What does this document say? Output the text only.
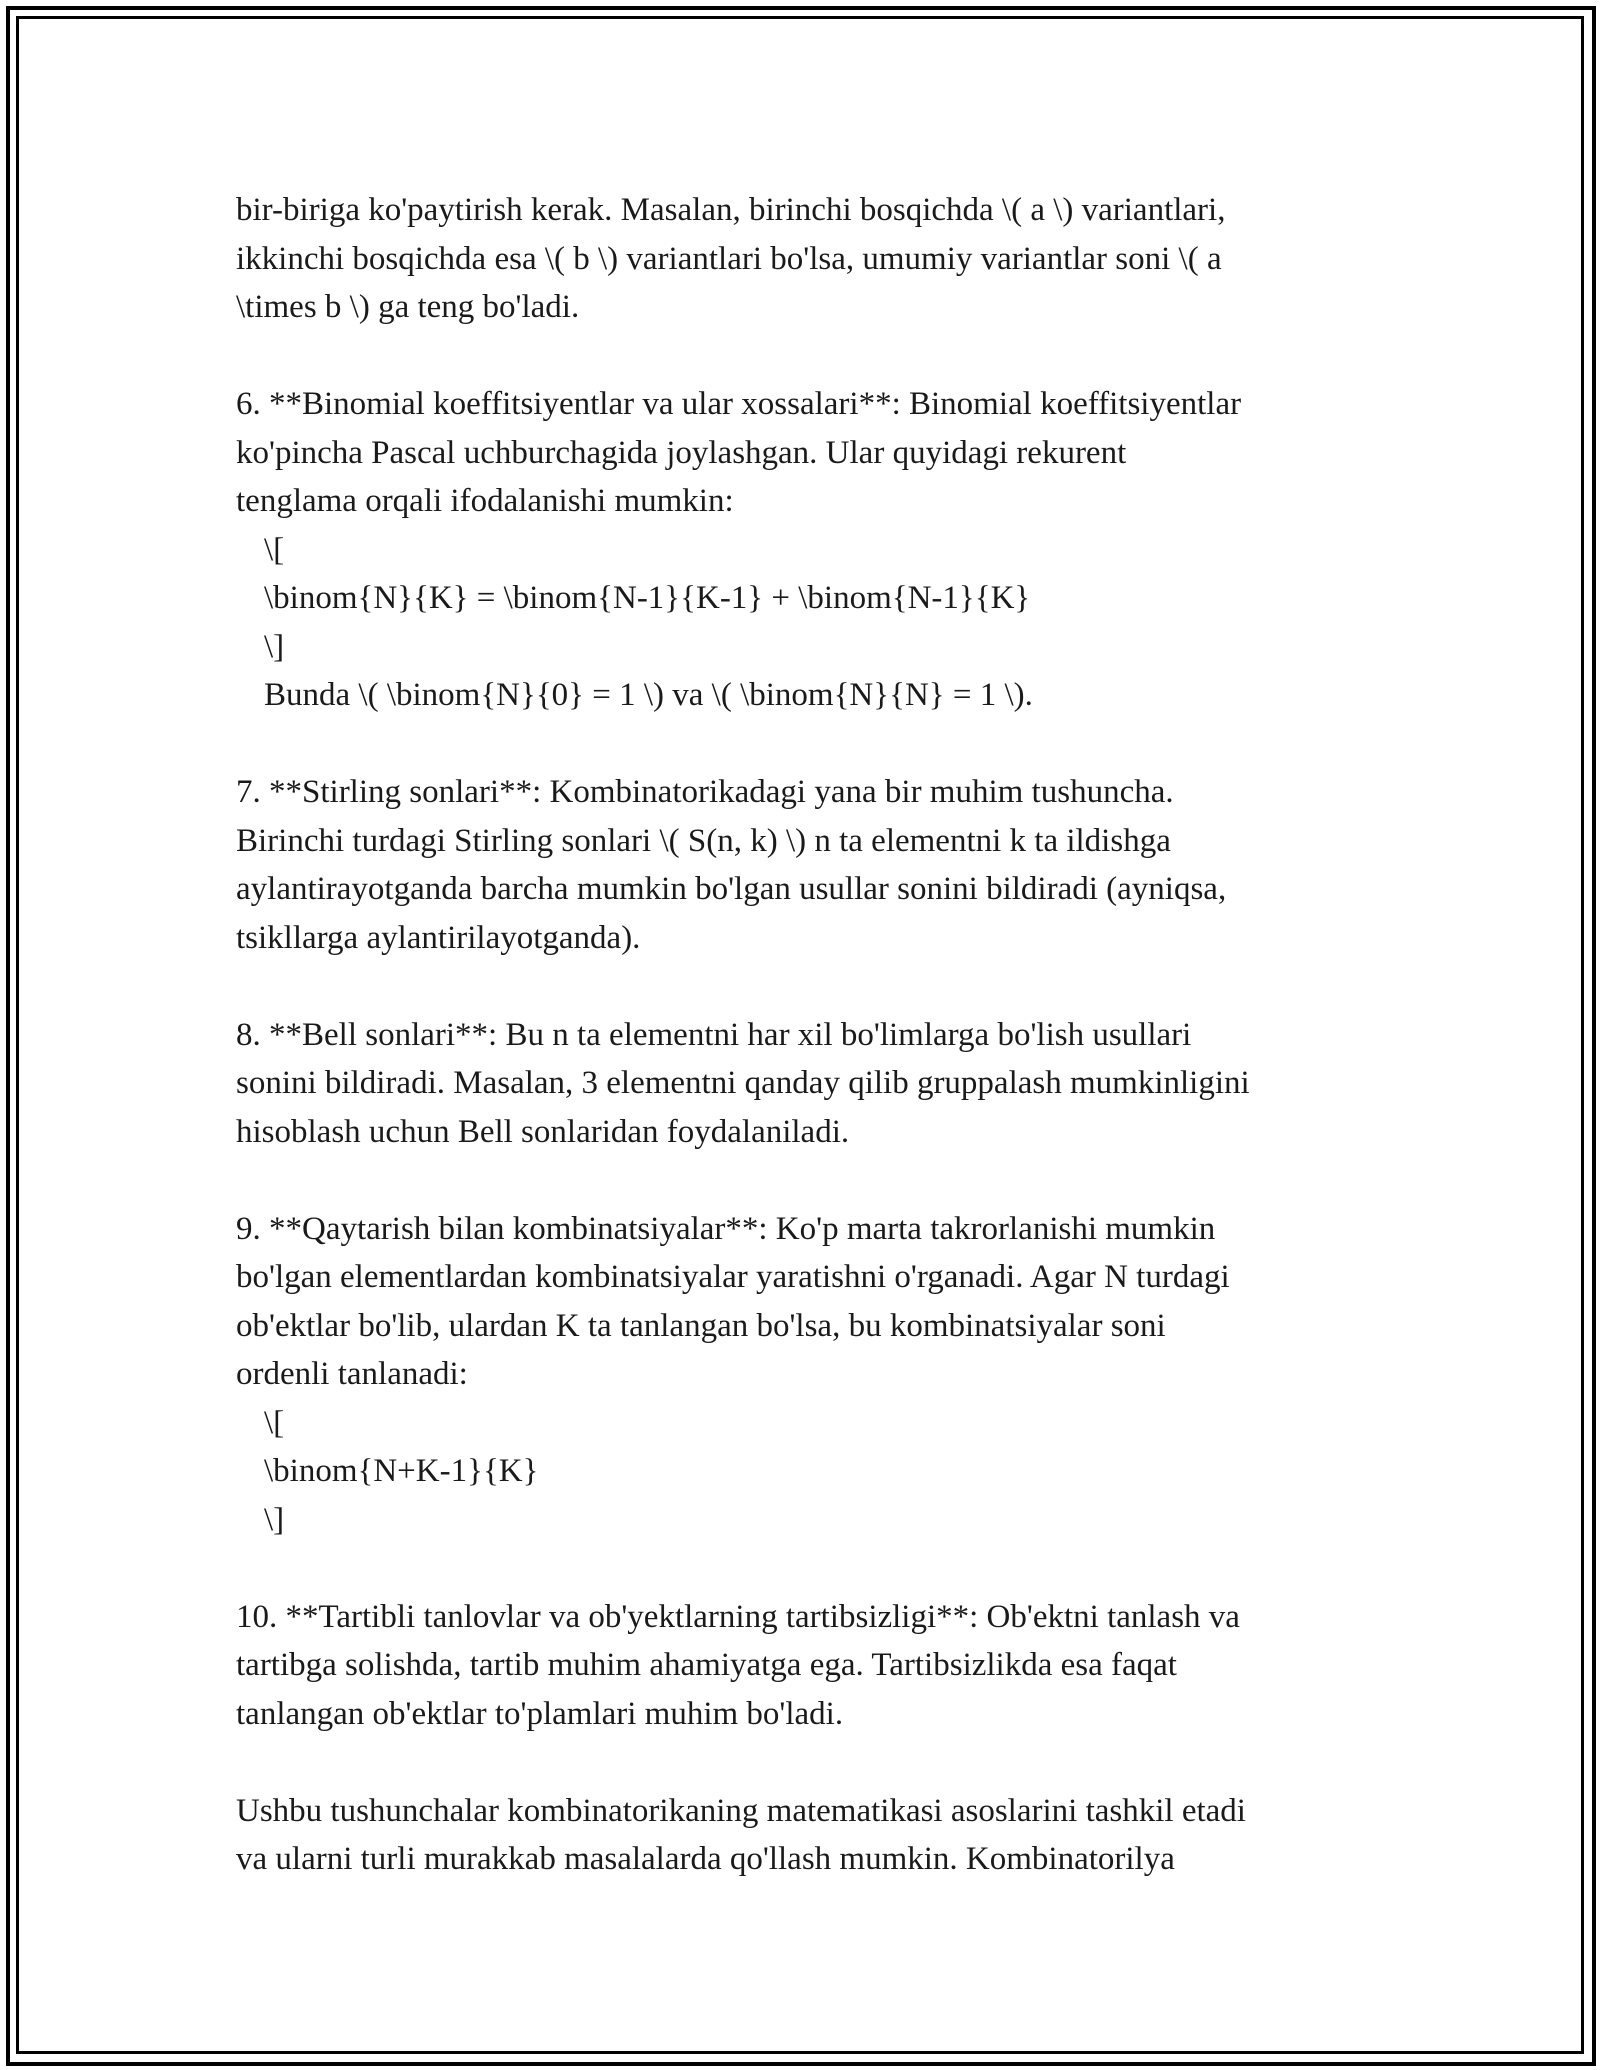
bir-biriga ko'paytirish kerak. Masalan, birinchi bosqichda \( a \) variantlari,
ikkinchi bosqichda esa \( b \) variantlari bo'lsa, umumiy variantlar soni \( a
\times b \) ga teng bo'ladi.
6. **Binomial koeffitsiyentlar va ular xossalari**: Binomial koeffitsiyentlar
ko'pincha Pascal uchburchagida joylashgan. Ular quyidagi rekurent
tenglama orqali ifodalanishi mumkin:
\[
\binom{N}{K} = \binom{N-1}{K-1} + \binom{N-1}{K}
\]
Bunda \( \binom{N}{0} = 1 \) va \( \binom{N}{N} = 1 \).
7. **Stirling sonlari**: Kombinatorikadagi yana bir muhim tushuncha.
Birinchi turdagi Stirling sonlari \( S(n, k) \) n ta elementni k ta ildishga
aylantirayotganda barcha mumkin bo'lgan usullar sonini bildiradi (ayniqsa,
tsikllarga aylantirilayotganda).
8. **Bell sonlari**: Bu n ta elementni har xil bo'limlarga bo'lish usullari
sonini bildiradi. Masalan, 3 elementni qanday qilib gruppalash mumkinligini
hisoblash uchun Bell sonlaridan foydalaniladi.
9. **Qaytarish bilan kombinatsiyalar**: Ko'p marta takrorlanishi mumkin
bo'lgan elementlardan kombinatsiyalar yaratishni o'rganadi. Agar N turdagi
ob'ektlar bo'lib, ulardan K ta tanlangan bo'lsa, bu kombinatsiyalar soni
ordenli tanlanadi:
\[
\binom{N+K-1}{K}
\]
10. **Tartibli tanlovlar va ob'yektlarning tartibsizligi**: Ob'ektni tanlash va
tartibga solishda, tartib muhim ahamiyatga ega. Tartibsizlikda esa faqat
tanlangan ob'ektlar to'plamlari muhim bo'ladi.
Ushbu tushunchalar kombinatorikaning matematikasi asoslarini tashkil etadi
va ularni turli murakkab masalalarda qo'llash mumkin. Kombinatorilya
